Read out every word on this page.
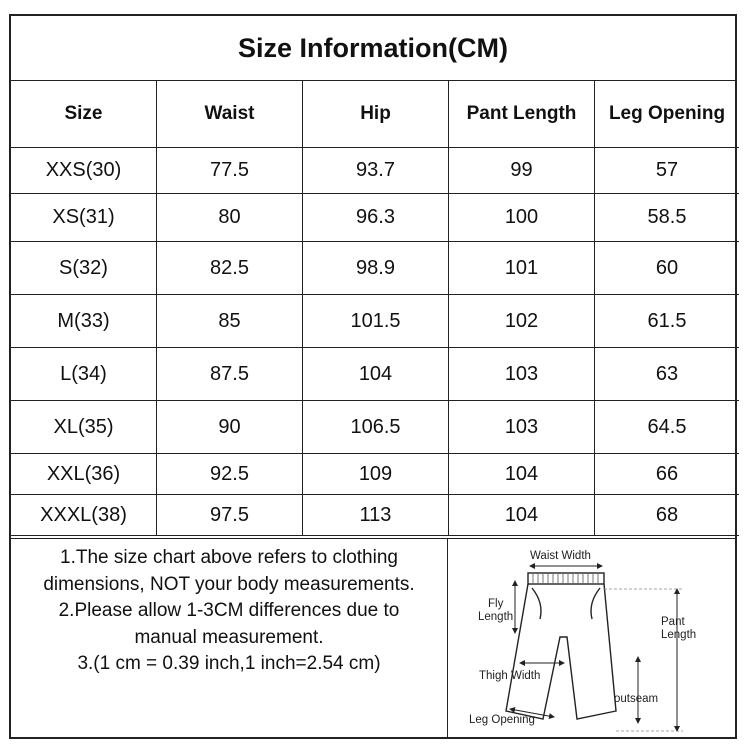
Size Information(CM)
Size	Waist	Hip	Pant Length	Leg Opening
XXS(30)	77.5	93.7	99	57
XS(31)	80	96.3	100	58.5
S(32)	82.5	98.9	101	60
M(33)	85	101.5	102	61.5
L(34)	87.5	104	103	63
XL(35)	90	106.5	103	64.5
XXL(36)	92.5	109	104	66
XXXL(38)	97.5	113	104	68
1.The size chart above refers to clothing
dimensions, NOT your body measurements.
2.Please allow 1-3CM differences due to
manual measurement.
3.(1 cm = 0.39 inch,1 inch=2.54 cm)
Waist Width
Fly
Length	Pant
Length
Thigh Width
outseam
Leg Opening
